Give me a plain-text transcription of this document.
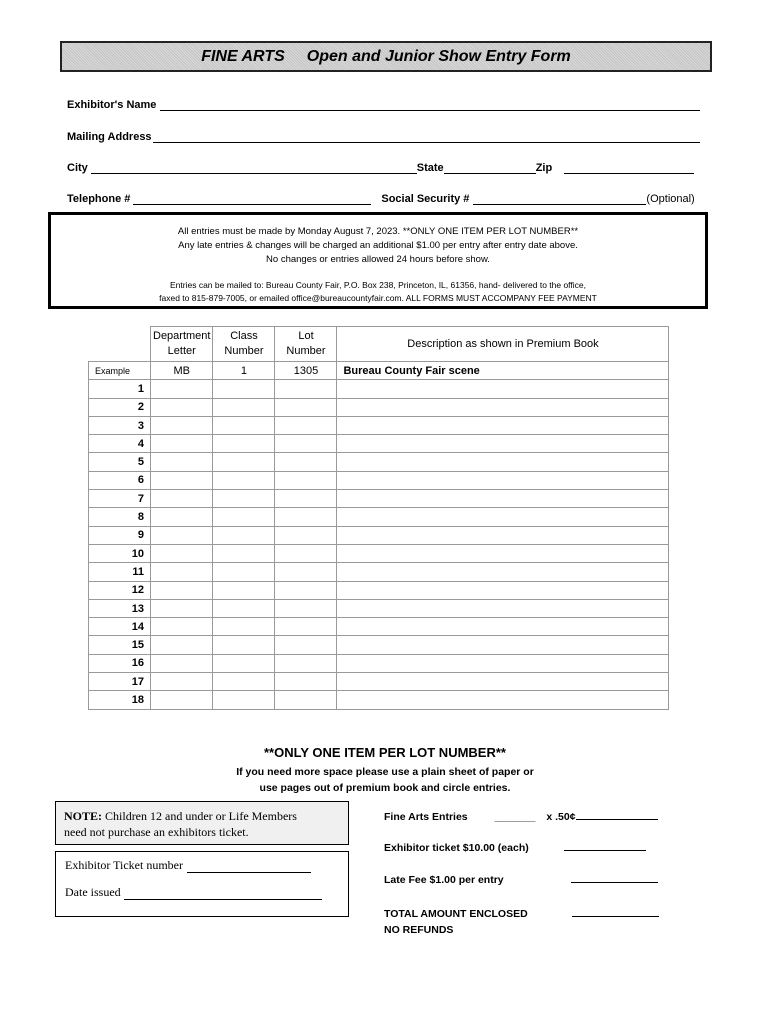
FINE ARTS Open and Junior Show Entry Form
Exhibitor's Name
Mailing Address
City	State	Zip
Telephone #	Social Security #	(Optional)
All entries must be made by Monday August 7, 2023. **ONLY ONE ITEM PER LOT NUMBER**
Any late entries & changes will be charged an additional $1.00 per entry after entry date above.
No changes or entries allowed 24 hours before show.
Entries can be mailed to: Bureau County Fair, P.O. Box 238, Princeton, IL, 61356, hand- delivered to the office,
faxed to 815-879-7005, or emailed office@bureaucountyfair.com. ALL FORMS MUST ACCOMPANY FEE PAYMENT
	Department Letter	Class Number	Lot Number	Description as shown in Premium Book
Example	MB	1	1305	Bureau County Fair scene
1				
2				
3				
4				
5				
6				
7				
8				
9				
10				
11				
12				
13				
14				
15				
16				
17				
18				
**ONLY ONE ITEM PER LOT NUMBER**
If you need more space please use a plain sheet of paper or
use pages out of premium book and circle entries.
NOTE: Children 12 and under or Life Members
need not purchase an exhibitors ticket.
Exhibitor Ticket number
Date issued
Fine Arts Entries	_______ x .50¢
Exhibitor ticket $10.00 (each)
Late Fee $1.00 per entry
TOTAL AMOUNT ENCLOSED
NO REFUNDS
